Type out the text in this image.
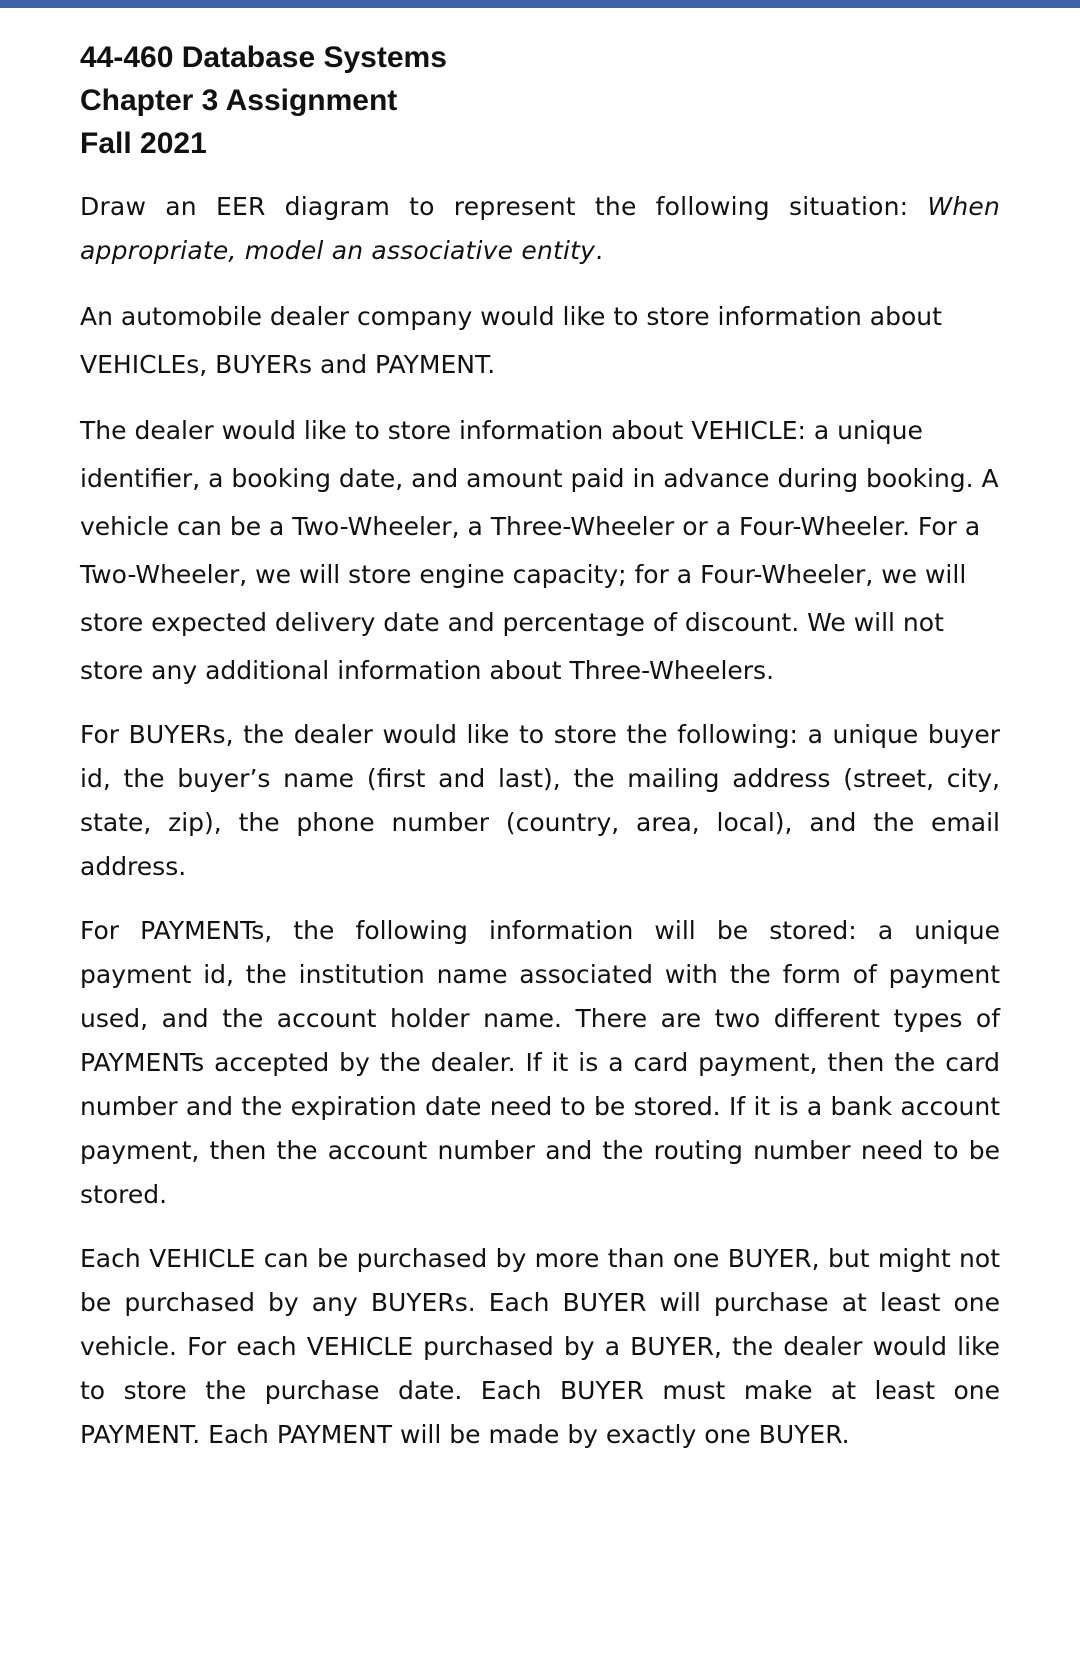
44-460 Database Systems
Chapter 3 Assignment
Fall 2021

Draw an EER diagram to represent the following situation: When appropriate, model an associative entity.

An automobile dealer company would like to store information about VEHICLEs, BUYERs and PAYMENT.

The dealer would like to store information about VEHICLE: a unique identifier, a booking date, and amount paid in advance during booking. A vehicle can be a Two-Wheeler, a Three-Wheeler or a Four-Wheeler. For a Two-Wheeler, we will store engine capacity; for a Four-Wheeler, we will store expected delivery date and percentage of discount. We will not store any additional information about Three-Wheelers.

For BUYERs, the dealer would like to store the following: a unique buyer id, the buyer’s name (first and last), the mailing address (street, city, state, zip), the phone number (country, area, local), and the email address.

For PAYMENTs, the following information will be stored: a unique payment id, the institution name associated with the form of payment used, and the account holder name. There are two different types of PAYMENTs accepted by the dealer. If it is a card payment, then the card number and the expiration date need to be stored. If it is a bank account payment, then the account number and the routing number need to be stored.

Each VEHICLE can be purchased by more than one BUYER, but might not be purchased by any BUYERs. Each BUYER will purchase at least one vehicle. For each VEHICLE purchased by a BUYER, the dealer would like to store the purchase date. Each BUYER must make at least one PAYMENT. Each PAYMENT will be made by exactly one BUYER.
